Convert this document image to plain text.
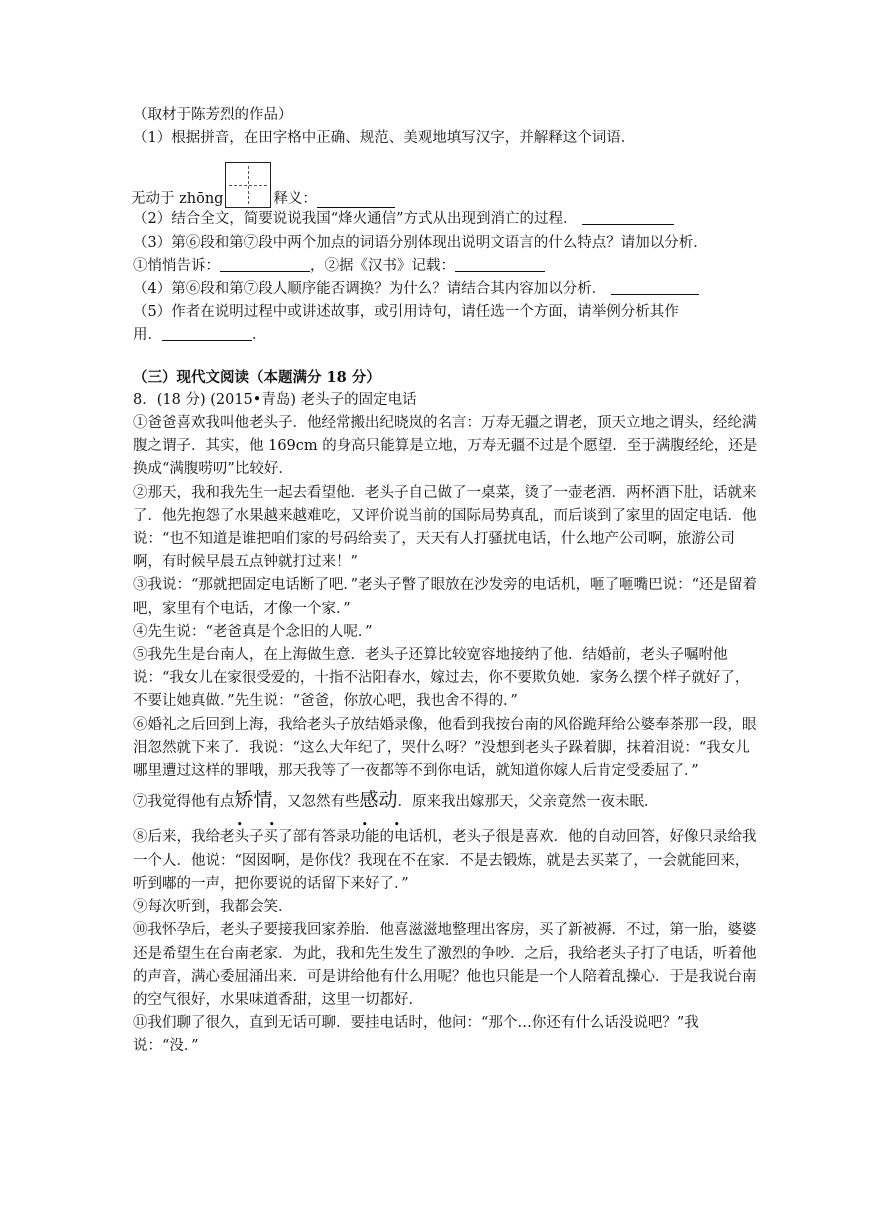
（取材于陈芳烈的作品）
（1）根据拼音，在田字格中正确、规范、美观地填写汉字，并解释这个词语．
无动于 zhōng	释义：
（2）结合全文，简要说说我国“烽火通信”方式从出现到消亡的过程．
（3）第⑥段和第⑦段中两个加点的词语分别体现出说明文语言的什么特点？请加以分析．
①悄悄告诉：	，②据《汉书》记载：
（4）第⑥段和第⑦段人顺序能否调换？为什么？请结合其内容加以分析．
（5）作者在说明过程中或讲述故事，或引用诗句，请任选一个方面，请举例分析其作
用．	．
（三）现代文阅读（本题满分 18 分）
8．(18 分) (2015•青岛) 老头子的固定电话
①爸爸喜欢我叫他老头子．他经常搬出纪晓岚的名言：万寿无疆之谓老，顶天立地之谓头，经纶满腹之谓子．其实，他 169cm 的身高只能算是立地，万寿无疆不过是个愿望．至于满腹经纶，还是换成“满腹唠叨”比较好．
②那天，我和我先生一起去看望他．老头子自己做了一桌菜，烫了一壶老酒．两杯酒下肚，话就来了．他先抱怨了水果越来越难吃，又评价说当前的国际局势真乱，而后谈到了家里的固定电话．他说：“也不知道是谁把咱们家的号码给卖了，天天有人打骚扰电话，什么地产公司啊，旅游公司啊，有时候早晨五点钟就打过来！”
③我说：“那就把固定电话断了吧．”老头子瞥了眼放在沙发旁的电话机，咂了咂嘴巴说：“还是留着吧，家里有个电话，才像一个家．”
④先生说：“老爸真是个念旧的人呢．”
⑤我先生是台南人，在上海做生意．老头子还算比较宽容地接纳了他．结婚前，老头子嘱咐他说：“我女儿在家很受爱的，十指不沾阳春水，嫁过去，你不要欺负她．家务么摆个样子就好了，不要让她真做．”先生说：“爸爸，你放心吧，我也舍不得的．”
⑥婚礼之后回到上海，我给老头子放结婚录像，他看到我按台南的风俗跪拜给公婆奉茶那一段，眼泪忽然就下来了．我说：“这么大年纪了，哭什么呀？”没想到老头子跺着脚，抹着泪说：“我女儿哪里遭过这样的罪哦，那天我等了一夜都等不到你电话，就知道你嫁人后肯定受委屈了．”
⑦我觉得他有点矫情 • •，又忽然有些感动 • •．原来我出嫁那天，父亲竟然一夜未眠．
⑧后来，我给老头子买了部有答录功能的电话机，老头子很是喜欢．他的自动回答，好像只录给我一个人．他说：“囡囡啊，是你伐？我现在不在家．不是去锻炼，就是去买菜了，一会就能回来，听到嘟的一声，把你要说的话留下来好了．”
⑨每次听到，我都会笑．
⑩我怀孕后，老头子要接我回家养胎．他喜滋滋地整理出客房，买了新被褥．不过，第一胎，婆婆还是希望生在台南老家．为此，我和先生发生了激烈的争吵．之后，我给老头子打了电话，听着他的声音，满心委屈涌出来．可是讲给他有什么用呢？他也只能是一个人陪着乱操心．于是我说台南的空气很好，水果味道香甜，这里一切都好．
⑪我们聊了很久，直到无话可聊．要挂电话时，他问：“那个…你还有什么话没说吧？”我说：“没．”
